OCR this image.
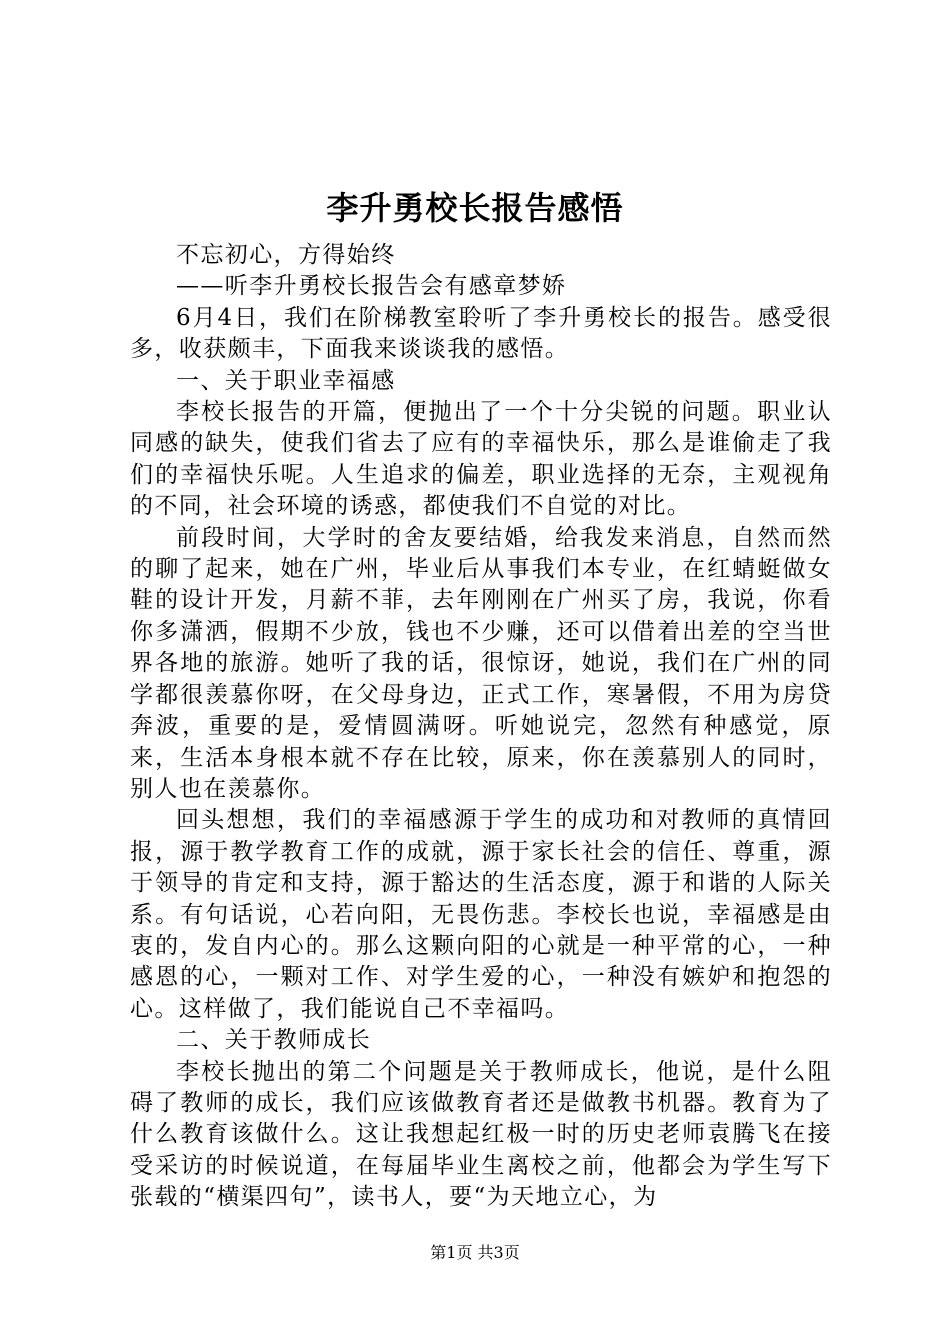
李升勇校长报告感悟

不忘初心，方得始终

——听李升勇校长报告会有感章梦娇

6月4日，我们在阶梯教室聆听了李升勇校长的报告。感受很多，收获颇丰，下面我来谈谈我的感悟。

一、关于职业幸福感

李校长报告的开篇，便抛出了一个十分尖锐的问题。职业认同感的缺失，使我们省去了应有的幸福快乐，那么是谁偷走了我们的幸福快乐呢。人生追求的偏差，职业选择的无奈，主观视角的不同，社会环境的诱惑，都使我们不自觉的对比。

前段时间，大学时的舍友要结婚，给我发来消息，自然而然的聊了起来，她在广州，毕业后从事我们本专业，在红蜻蜓做女鞋的设计开发，月薪不菲，去年刚刚在广州买了房，我说，你看你多潇洒，假期不少放，钱也不少赚，还可以借着出差的空当世界各地的旅游。她听了我的话，很惊讶，她说，我们在广州的同学都很羡慕你呀，在父母身边，正式工作，寒暑假，不用为房贷奔波，重要的是，爱情圆满呀。听她说完，忽然有种感觉，原来，生活本身根本就不存在比较，原来，你在羡慕别人的同时，别人也在羡慕你。

回头想想，我们的幸福感源于学生的成功和对教师的真情回报，源于教学教育工作的成就，源于家长社会的信任、尊重，源于领导的肯定和支持，源于豁达的生活态度，源于和谐的人际关系。有句话说，心若向阳，无畏伤悲。李校长也说，幸福感是由衷的，发自内心的。那么这颗向阳的心就是一种平常的心，一种感恩的心，一颗对工作、对学生爱的心，一种没有嫉妒和抱怨的心。这样做了，我们能说自己不幸福吗。

二、关于教师成长

李校长抛出的第二个问题是关于教师成长，他说，是什么阻碍了教师的成长，我们应该做教育者还是做教书机器。教育为了什么教育该做什么。这让我想起红极一时的历史老师袁腾飞在接受采访的时候说道，在每届毕业生离校之前，他都会为学生写下张载的“横渠四句”，读书人，要“为天地立心，为

第1页 共3页
